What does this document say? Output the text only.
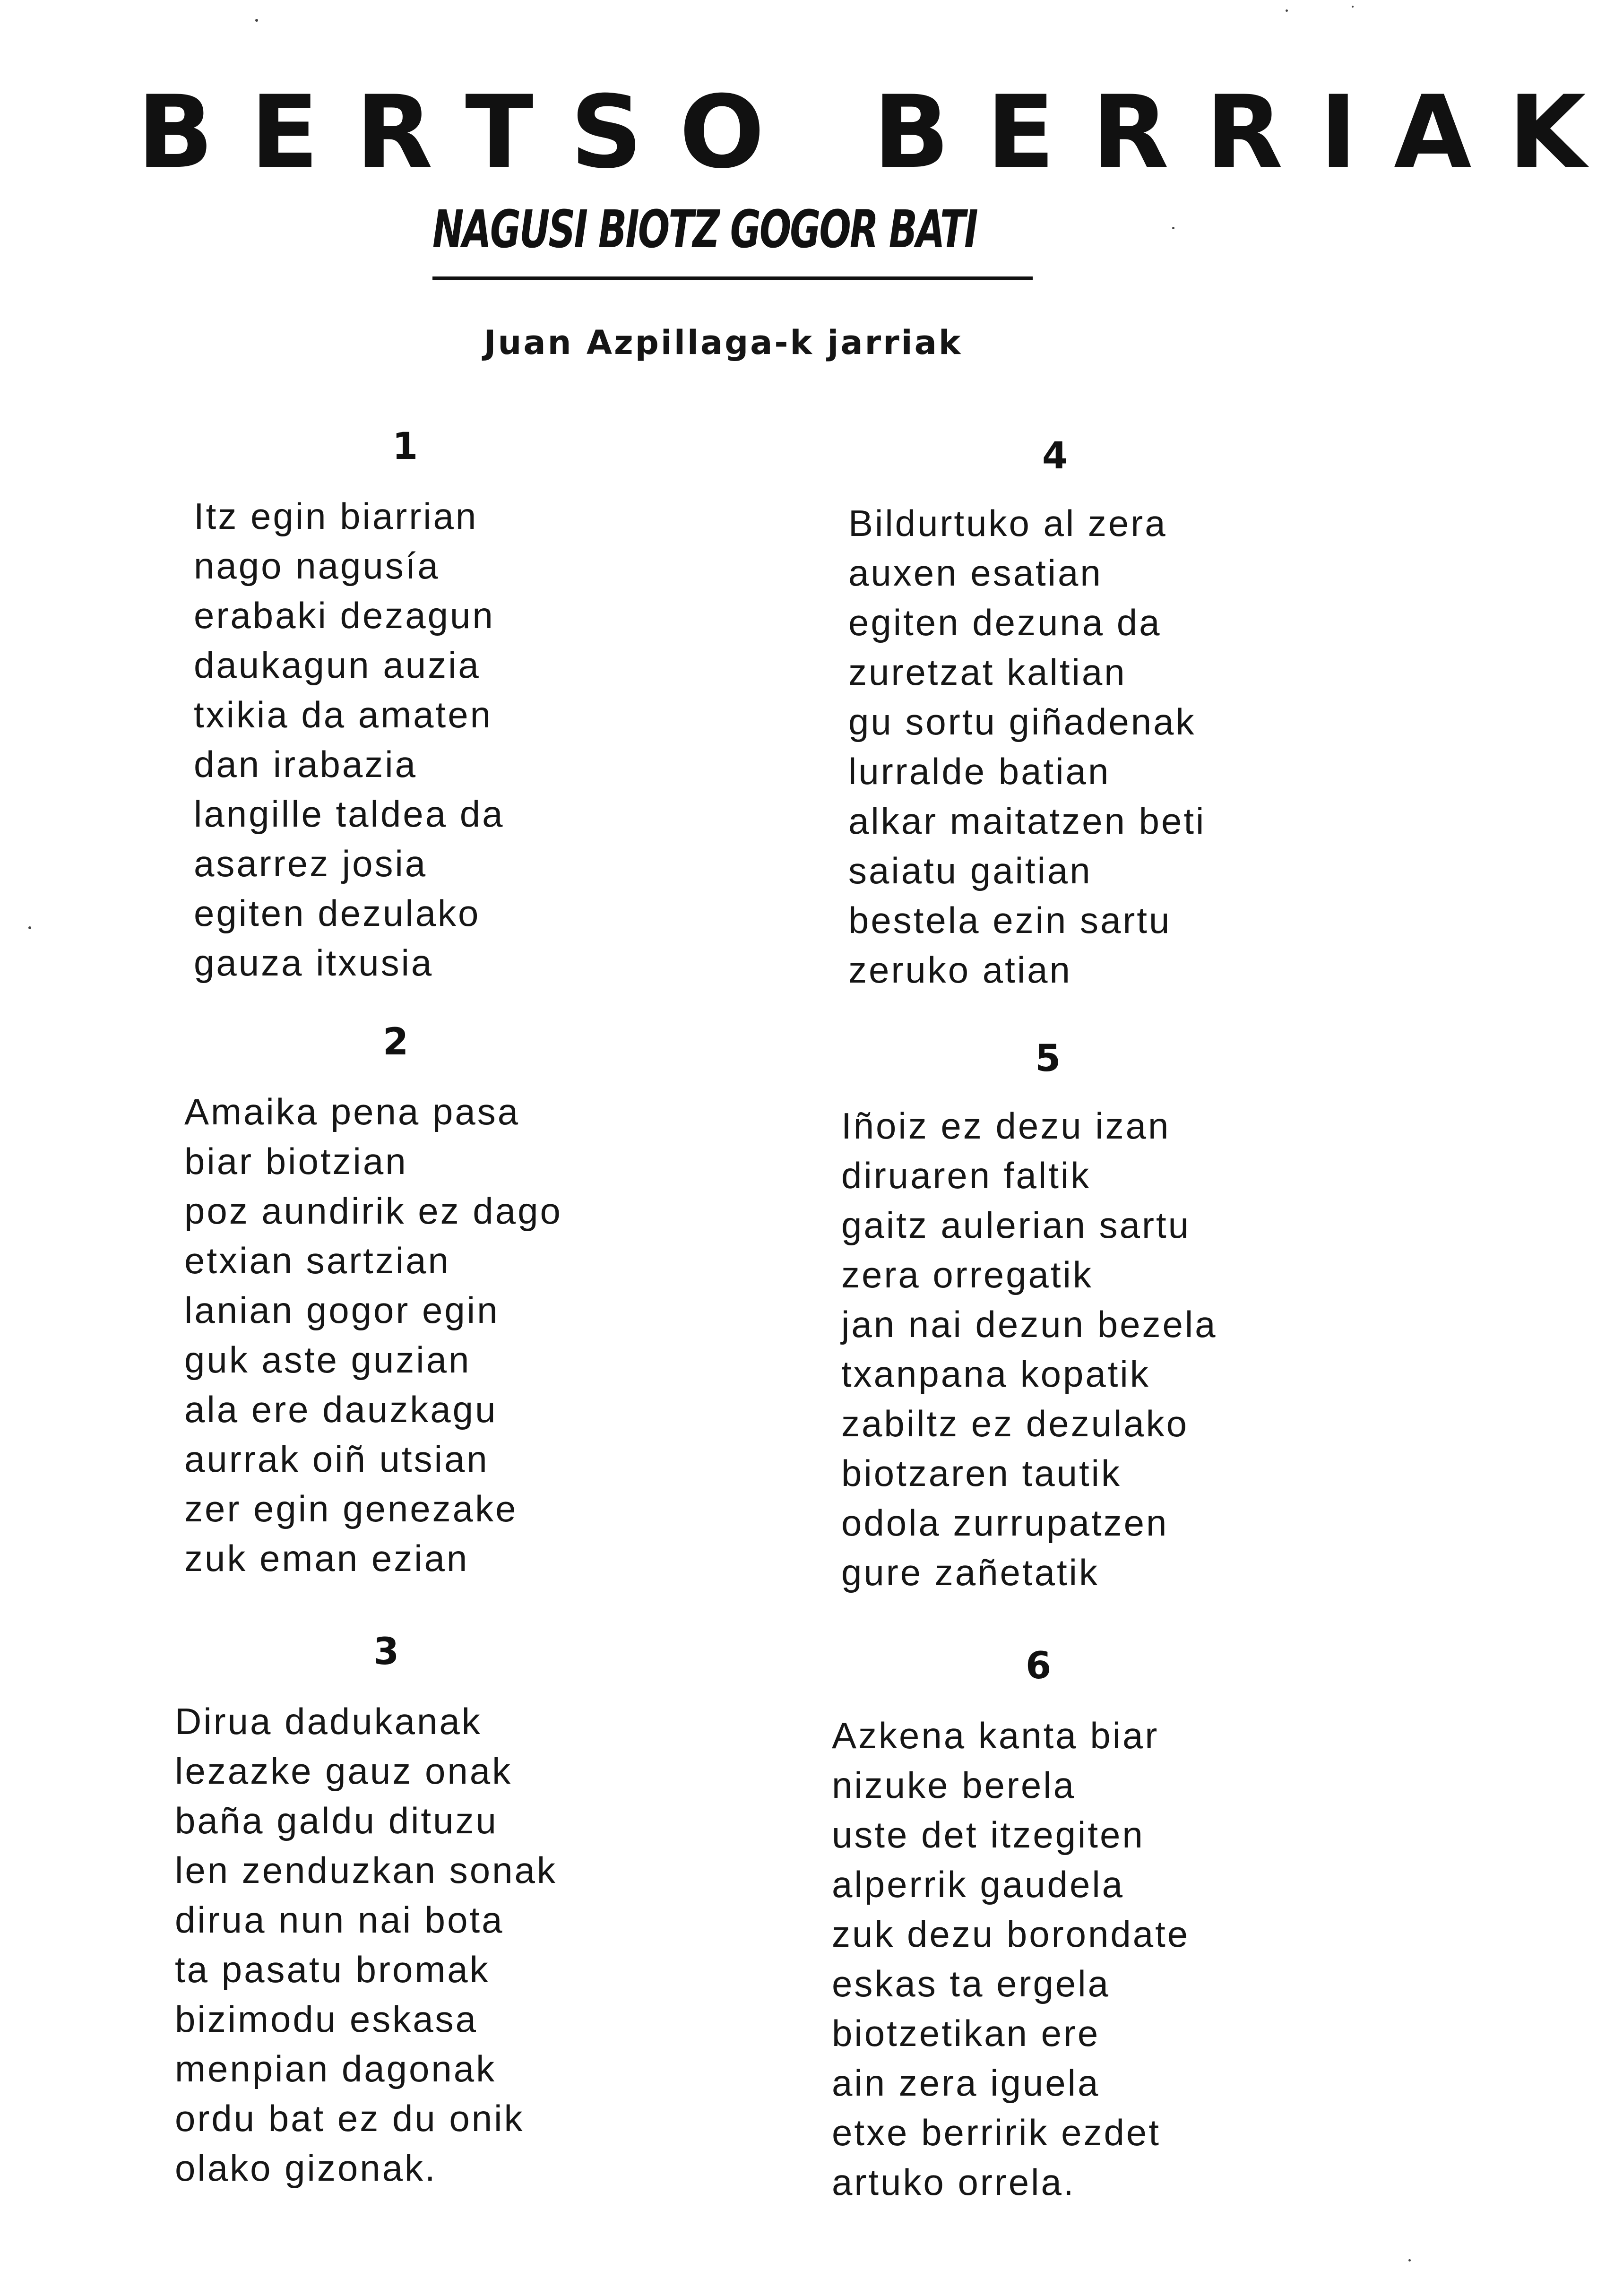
BERTSO BERRIAK
NAGUSI BIOTZ GOGOR BATI

Juan Azpillaga-k jarriak

1
Itz egin biarrian
nago nagusía
erabaki dezagun
daukagun auzia
txikia da amaten
dan irabazia
langille taldea da
asarrez josia
egiten dezulako
gauza itxusia
2
Amaika pena pasa
biar biotzian
poz aundirik ez dago
etxian sartzian
lanian gogor egin
guk aste guzian
ala ere dauzkagu
aurrak oiñ utsian
zer egin genezake
zuk eman ezian
3
Dirua dadukanak
lezazke gauz onak
baña galdu dituzu
len zenduzkan sonak
dirua nun nai bota
ta pasatu bromak
bizimodu eskasa
menpian dagonak
ordu bat ez du onik
olako gizonak.
4
Bildurtuko al zera
auxen esatian
egiten dezuna da
zuretzat kaltian
gu sortu giñadenak
lurralde batian
alkar maitatzen beti
saiatu gaitian
bestela ezin sartu
zeruko atian
5
Iñoiz ez dezu izan
diruaren faltik
gaitz aulerian sartu
zera orregatik
jan nai dezun bezela
txanpana kopatik
zabiltz ez dezulako
biotzaren tautik
odola zurrupatzen
gure zañetatik
6
Azkena kanta biar
nizuke berela
uste det itzegiten
alperrik gaudela
zuk dezu borondate
eskas ta ergela
biotzetikan ere
ain zera iguela
etxe berririk ezdet
artuko orrela.
